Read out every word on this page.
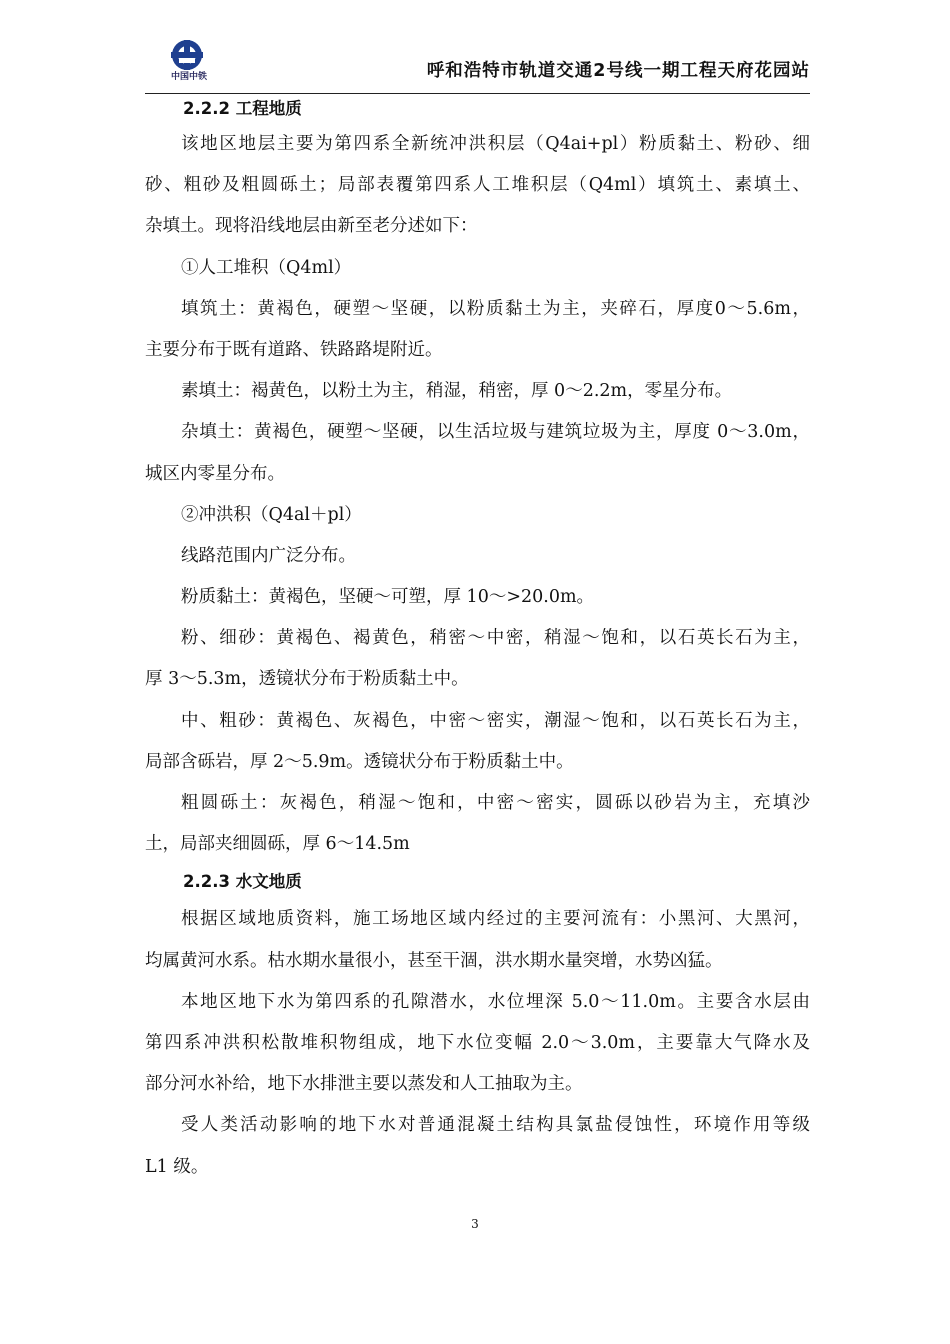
中国中铁	呼和浩特市轨道交通2号线一期工程天府花园站
2.2.2 工程地质
该地区地层主要为第四系全新统冲洪积层（Q4ai+pl）粉质黏土、粉砂、细
砂、粗砂及粗圆砾土；局部表覆第四系人工堆积层（Q4ml）填筑土、素填土、
杂填土。现将沿线地层由新至老分述如下：
①人工堆积（Q4ml）
填筑土：黄褐色，硬塑～坚硬，以粉质黏土为主，夹碎石，厚度0～5.6m，
主要分布于既有道路、铁路路堤附近。
素填土：褐黄色，以粉土为主，稍湿，稍密，厚 0～2.2m，零星分布。
杂填土：黄褐色，硬塑～坚硬，以生活垃圾与建筑垃圾为主，厚度 0～3.0m，
城区内零星分布。
②冲洪积（Q4al＋pl）
线路范围内广泛分布。
粉质黏土：黄褐色，坚硬～可塑，厚 10～>20.0m。
粉、细砂：黄褐色、褐黄色，稍密～中密，稍湿～饱和，以石英长石为主，
厚 3～5.3m，透镜状分布于粉质黏土中。
中、粗砂：黄褐色、灰褐色，中密～密实，潮湿～饱和，以石英长石为主，
局部含砾岩，厚 2～5.9m。透镜状分布于粉质黏土中。
粗圆砾土：灰褐色，稍湿～饱和，中密～密实，圆砾以砂岩为主，充填沙
土，局部夹细圆砾，厚 6～14.5m
2.2.3 水文地质
根据区域地质资料，施工场地区域内经过的主要河流有：小黑河、大黑河，
均属黄河水系。枯水期水量很小，甚至干涸，洪水期水量突增，水势凶猛。
本地区地下水为第四系的孔隙潜水，水位埋深 5.0～11.0m。主要含水层由
第四系冲洪积松散堆积物组成，地下水位变幅 2.0～3.0m，主要靠大气降水及
部分河水补给，地下水排泄主要以蒸发和人工抽取为主。
受人类活动影响的地下水对普通混凝土结构具氯盐侵蚀性，环境作用等级
L1 级。
3
